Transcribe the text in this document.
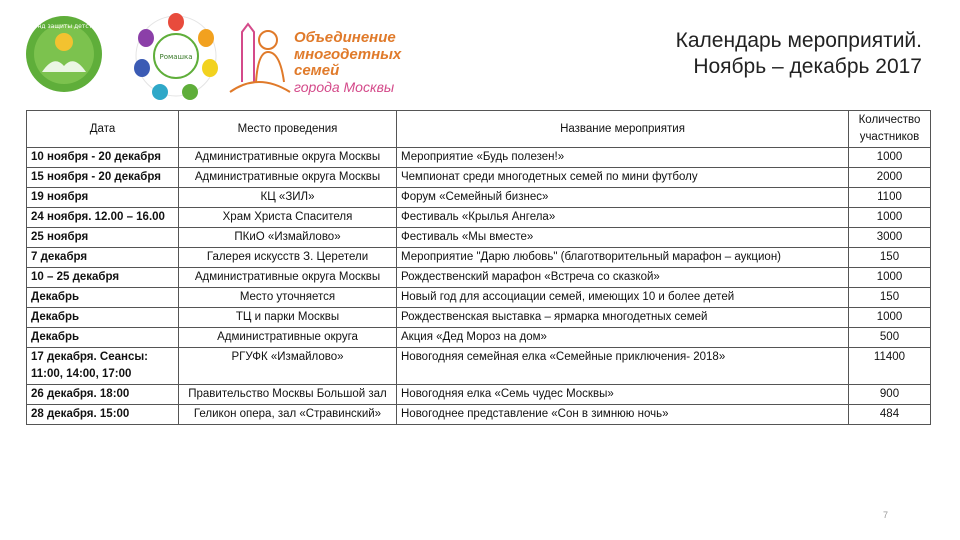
Фонд защиты детства
Ромашка
Объединение
многодетных семей
города Москвы
Календарь мероприятий.
Ноябрь – декабрь 2017
Дата	Место проведения	Название мероприятия	Количество участников
10 ноября - 20 декабря	Административные округа Москвы	Мероприятие «Будь полезен!»	1000
15 ноября - 20 декабря	Административные округа Москвы	Чемпионат среди многодетных семей по мини футболу	2000
19 ноября	КЦ «ЗИЛ»	Форум «Семейный бизнес»	1100
24 ноября. 12.00 – 16.00	Храм Христа Спасителя	Фестиваль «Крылья Ангела»	1000
25 ноября	ПКиО «Измайлово»	Фестиваль «Мы вместе»	3000
7 декабря	Галерея искусств З. Церетели	Мероприятие "Дарю любовь" (благотворительный марафон – аукцион)	150
10 – 25 декабря	Административные округа Москвы	Рождественский марафон «Встреча со сказкой»	1000
Декабрь	Место уточняется	Новый год для ассоциации семей, имеющих 10 и более детей	150
Декабрь	ТЦ и парки Москвы	Рождественская выставка – ярмарка многодетных семей	1000
Декабрь	Административные округа	Акция «Дед Мороз на дом»	500
17 декабря. Сеансы: 11:00, 14:00, 17:00	РГУФК «Измайлово»	Новогодняя семейная елка «Семейные приключения- 2018»	11400
26 декабря. 18:00	Правительство Москвы Большой зал	Новогодняя елка «Семь чудес Москвы»	900
28 декабря. 15:00	Геликон опера, зал «Стравинский»	Новогоднее представление «Сон в зимнюю ночь»	484
7
